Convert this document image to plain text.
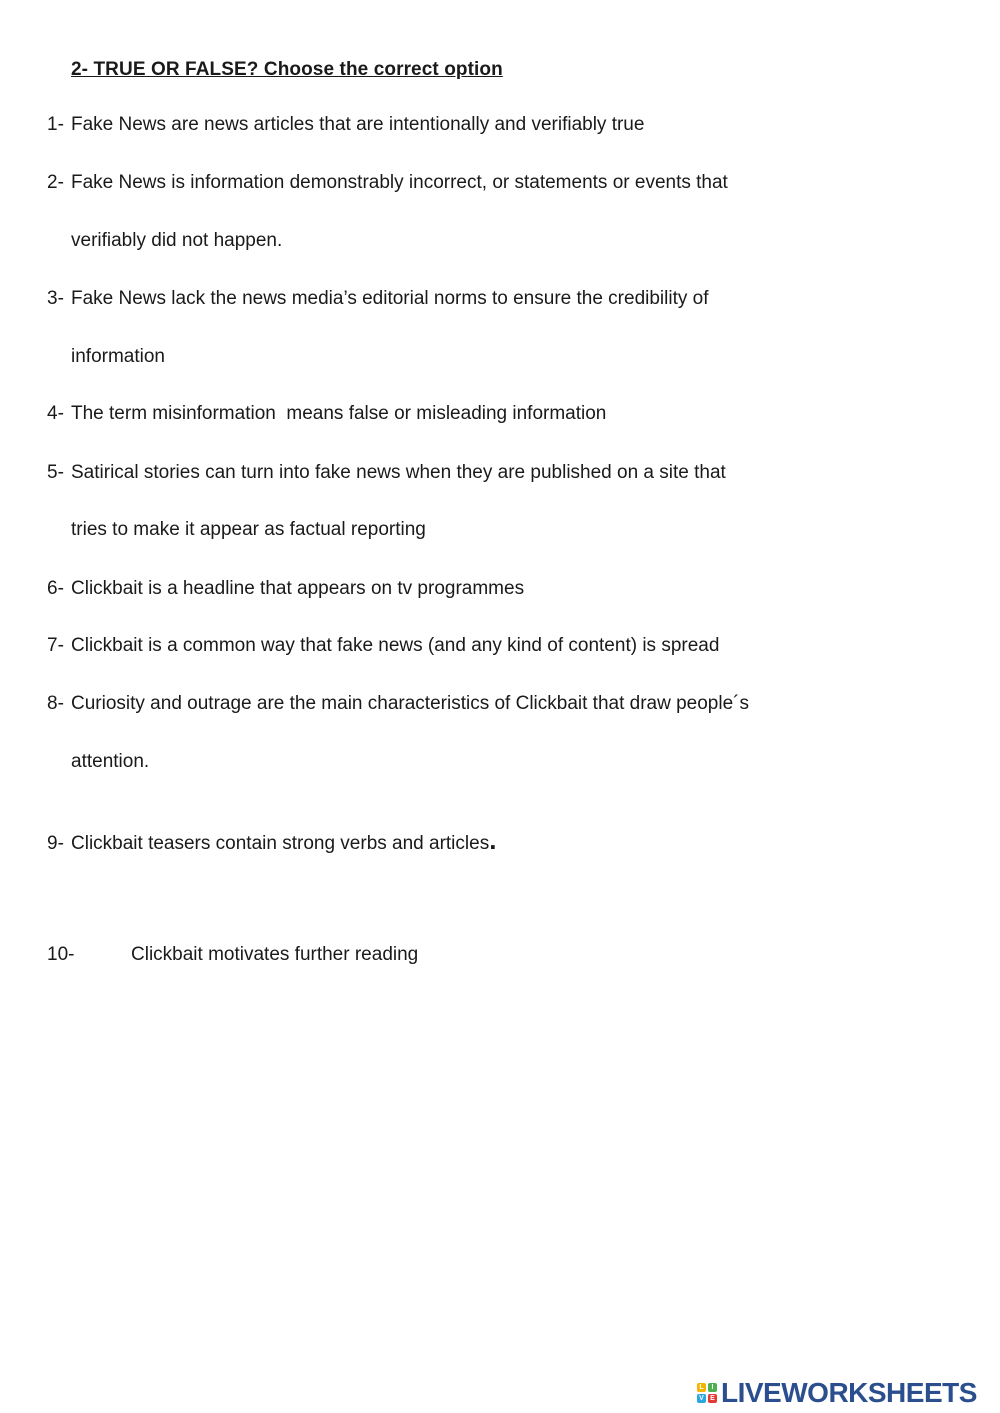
2- TRUE OR FALSE? Choose the correct option
1- Fake News are news articles that are intentionally and verifiably true
2- Fake News is information demonstrably incorrect, or statements or events that
verifiably did not happen.
3- Fake News lack the news media’s editorial norms to ensure the credibility of
information
4- The term misinformation  means false or misleading information
5- Satirical stories can turn into fake news when they are published on a site that
tries to make it appear as factual reporting
6- Clickbait is a headline that appears on tv programmes
7- Clickbait is a common way that fake news (and any kind of content) is spread
8- Curiosity and outrage are the main characteristics of Clickbait that draw people´s
attention.
9- Clickbait teasers contain strong verbs and articles.
10-	Clickbait motivates further reading
L	I
V E LIVEWORKSHEETS
